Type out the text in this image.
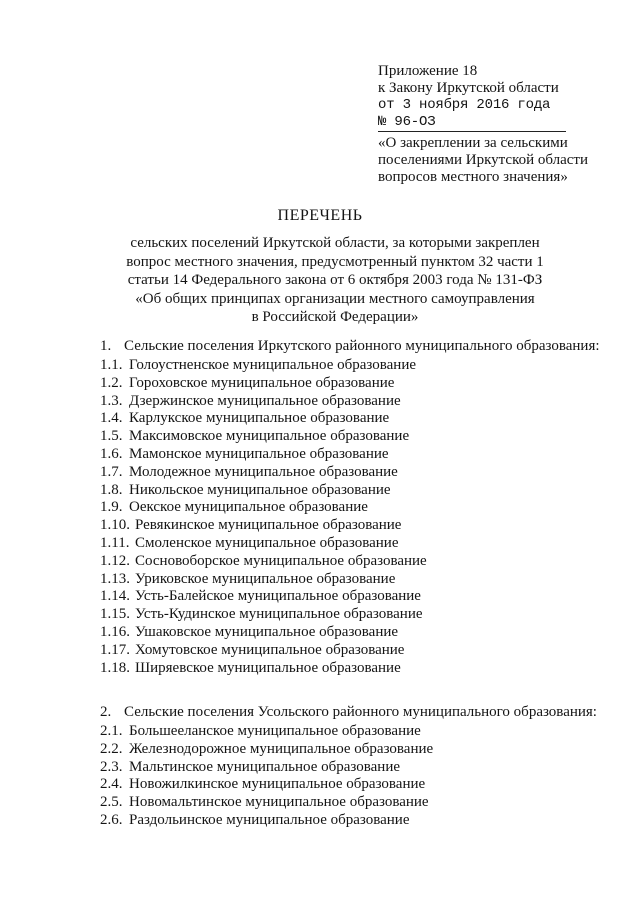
Приложение 18
к Закону Иркутской области
от 3 ноября 2016 года
№ 96-ОЗ
«О закреплении за сельскими поселениями Иркутской области вопросов местного значения»
ПЕРЕЧЕНЬ
сельских поселений Иркутской области, за которыми закреплен
вопрос местного значения, предусмотренный пунктом 32 части 1
статьи 14 Федерального закона от 6 октября 2003 года № 131-ФЗ
«Об общих принципах организации местного самоуправления
в Российской Федерации»
1. Сельские поселения Иркутского районного муниципального образования:
1.1. Голоустненское муниципальное образование
1.2. Гороховское муниципальное образование
1.3. Дзержинское муниципальное образование
1.4. Карлукское муниципальное образование
1.5. Максимовское муниципальное образование
1.6. Мамонское муниципальное образование
1.7. Молодежное муниципальное образование
1.8. Никольское муниципальное образование
1.9. Оекское муниципальное образование
1.10. Ревякинское муниципальное образование
1.11. Смоленское муниципальное образование
1.12. Сосновоборское муниципальное образование
1.13. Уриковское муниципальное образование
1.14. Усть-Балейское муниципальное образование
1.15. Усть-Кудинское муниципальное образование
1.16. Ушаковское муниципальное образование
1.17. Хомутовское муниципальное образование
1.18. Ширяевское муниципальное образование
2. Сельские поселения Усольского районного муниципального образования:
2.1. Большееланское муниципальное образование
2.2. Железнодорожное муниципальное образование
2.3. Мальтинское муниципальное образование
2.4. Новожилкинское муниципальное образование
2.5. Новомальтинское муниципальное образование
2.6. Раздольинское муниципальное образование
